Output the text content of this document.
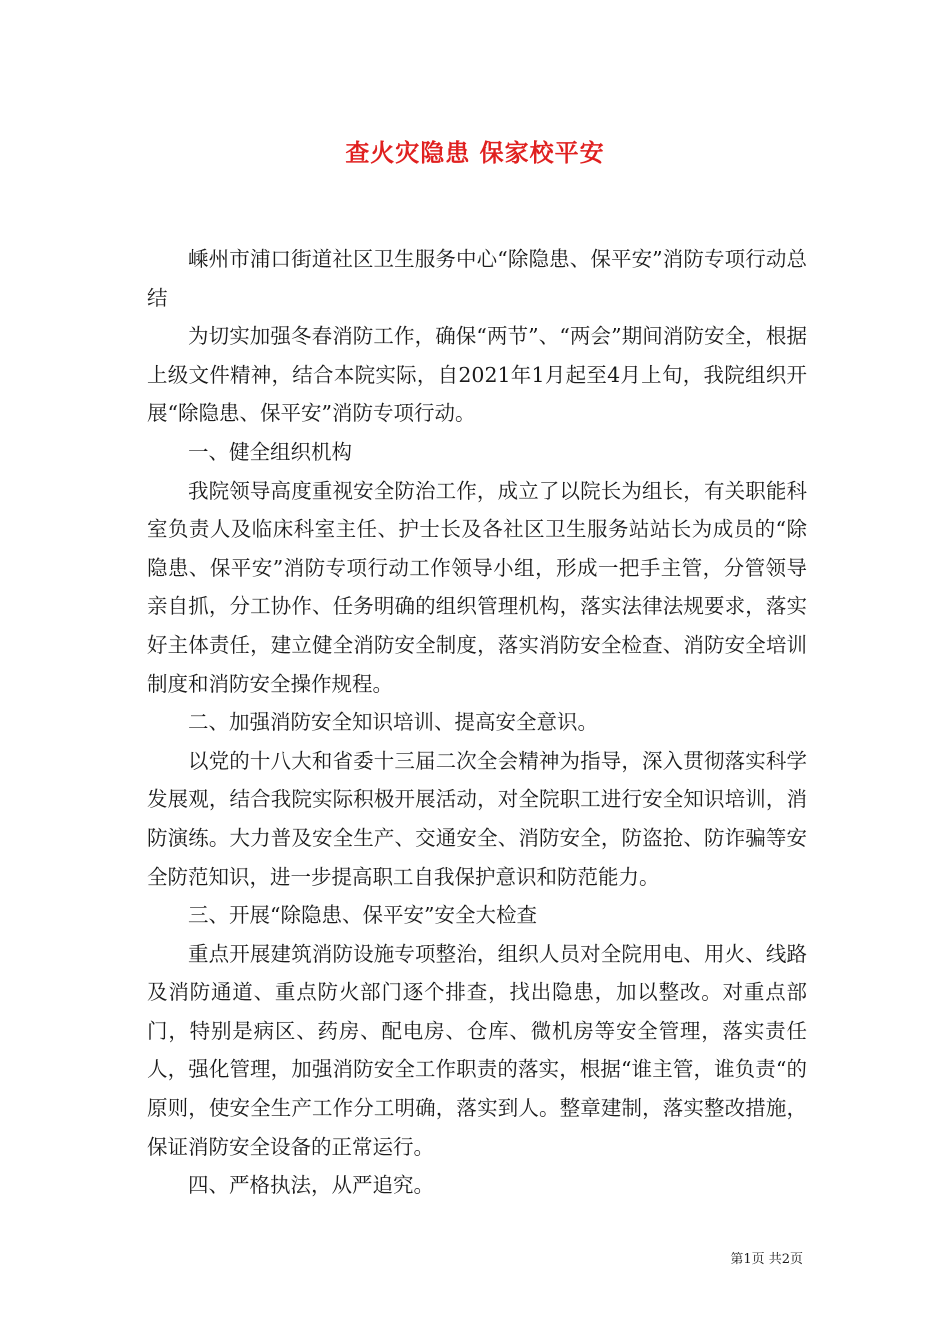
查火灾隐患 保家校平安

嵊州市浦口街道社区卫生服务中心“除隐患、保平安”消防专项行动总结

为切实加强冬春消防工作，确保“两节”、“两会”期间消防安全，根据上级文件精神，结合本院实际，自2021年1月起至4月上旬，我院组织开展“除隐患、保平安”消防专项行动。

一、健全组织机构

我院领导高度重视安全防治工作，成立了以院长为组长，有关职能科室负责人及临床科室主任、护士长及各社区卫生服务站站长为成员的“除隐患、保平安”消防专项行动工作领导小组，形成一把手主管，分管领导亲自抓，分工协作、任务明确的组织管理机构，落实法律法规要求，落实好主体责任，建立健全消防安全制度，落实消防安全检查、消防安全培训制度和消防安全操作规程。

二、加强消防安全知识培训、提高安全意识。

以党的十八大和省委十三届二次全会精神为指导，深入贯彻落实科学发展观，结合我院实际积极开展活动，对全院职工进行安全知识培训，消防演练。大力普及安全生产、交通安全、消防安全，防盗抢、防诈骗等安全防范知识，进一步提高职工自我保护意识和防范能力。

三、开展“除隐患、保平安”安全大检查

重点开展建筑消防设施专项整治，组织人员对全院用电、用火、线路及消防通道、重点防火部门逐个排查，找出隐患，加以整改。对重点部门，特别是病区、药房、配电房、仓库、微机房等安全管理，落实责任人，强化管理，加强消防安全工作职责的落实，根据“谁主管，谁负责“的原则，使安全生产工作分工明确，落实到人。整章建制，落实整改措施，保证消防安全设备的正常运行。

四、严格执法，从严追究。

第1页 共2页
